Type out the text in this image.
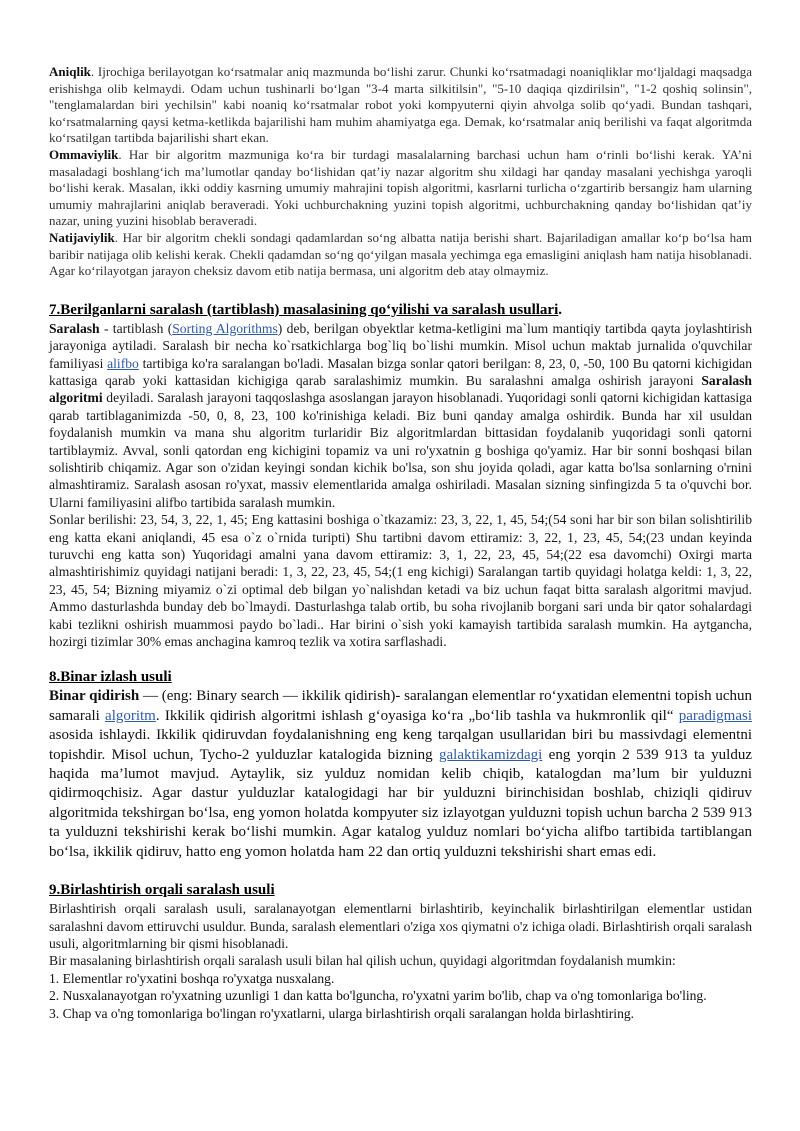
Aniqlik. Ijrochiga berilayotgan ko‘rsatmalar aniq mazmunda bo‘lishi zarur. Chunki ko‘rsatmadagi noaniqliklar mo‘ljaldagi maqsadga erishishga olib kelmaydi. Odam uchun tushinarli bo‘lgan "3-4 marta silkitilsin", "5-10 daqiqa qizdirilsin", "1-2 qoshiq solinsin", "tenglamalardan biri yechilsin" kabi noaniq ko‘rsatmalar robot yoki kompyuterni qiyin ahvolga solib qo‘yadi. Bundan tashqari, ko‘rsatmalarning qaysi ketma-ketlikda bajarilishi ham muhim ahamiyatga ega. Demak, ko‘rsatmalar aniq berilishi va faqat algoritmda ko‘rsatilgan tartibda bajarilishi shart ekan.

Ommaviylik. Har bir algoritm mazmuniga ko‘ra bir turdagi masalalarning barchasi uchun ham o‘rinli bo‘lishi kerak. YA’ni masaladagi boshlang‘ich ma’lumotlar qanday bo‘lishidan qat’iy nazar algoritm shu xildagi har qanday masalani yechishga yaroqli bo‘lishi kerak. Masalan, ikki oddiy kasrning umumiy mahrajini topish algoritmi, kasrlarni turlicha o‘zgartirib bersangiz ham ularning umumiy mahrajlarini aniqlab beraveradi. Yoki uchburchakning yuzini topish algoritmi, uchburchakning qanday bo‘lishidan qat’iy nazar, uning yuzini hisoblab beraveradi.

Natijaviylik. Har bir algoritm chekli sondagi qadamlardan so‘ng albatta natija berishi shart. Bajariladigan amallar ko‘p bo‘lsa ham baribir natijaga olib kelishi kerak. Chekli qadamdan so‘ng qo‘yilgan masala yechimga ega emasligini aniqlash ham natija hisoblanadi. Agar ko‘rilayotgan jarayon cheksiz davom etib natija bermasa, uni algoritm deb atay olmaymiz.

7.Berilganlarni saralash (tartiblash) masalasining qo‘yilishi va saralash usullari.

Saralash - tartiblash (Sorting Algorithms) deb, berilgan obyektlar ketma-ketligini ma`lum mantiqiy tartibda qayta joylashtirish jarayoniga aytiladi. Saralash bir necha ko`rsatkichlarga bog`liq bo`lishi mumkin. Misol uchun maktab jurnalida o'quvchilar familiyasi alifbo tartibiga ko'ra saralangan bo'ladi. Masalan bizga sonlar qatori berilgan: 8, 23, 0, -50, 100 Bu qatorni kichigidan kattasiga qarab yoki kattasidan kichigiga qarab saralashimiz mumkin. Bu saralashni amalga oshirish jarayoni Saralash algoritmi deyiladi. Saralash jarayoni taqqoslashga asoslangan jarayon hisoblanadi. Yuqoridagi sonli qatorni kichigidan kattasiga qarab tartiblaganimizda -50, 0, 8, 23, 100 ko'rinishiga keladi. Biz buni qanday amalga oshirdik. Bunda har xil usuldan foydalanish mumkin va mana shu algoritm turlaridir Biz algoritmlardan bittasidan foydalanib yuqoridagi sonli qatorni tartiblaymiz. Avval, sonli qatordan eng kichigini topamiz va uni ro'yxatnin g boshiga qo'yamiz. Har bir sonni boshqasi bilan solishtirib chiqamiz. Agar son o'zidan keyingi sondan kichik bo'lsa, son shu joyida qoladi, agar katta bo'lsa sonlarning o'rnini almashtiramiz. Saralash asosan ro'yxat, massiv elementlarida amalga oshiriladi. Masalan sizning sinfingizda 5 ta o'quvchi bor. Ularni familiyasini alifbo tartibida saralash mumkin.

Sonlar berilishi: 23, 54, 3, 22, 1, 45; Eng kattasini boshiga o`tkazamiz: 23, 3, 22, 1, 45, 54;(54 soni har bir son bilan solishtirilib eng katta ekani aniqlandi, 45 esa o`z o`rnida turipti) Shu tartibni davom ettiramiz: 3, 22, 1, 23, 45, 54;(23 undan keyinda turuvchi eng katta son) Yuqoridagi amalni yana davom ettiramiz: 3, 1, 22, 23, 45, 54;(22 esa davomchi) Oxirgi marta almashtirishimiz quyidagi natijani beradi: 1, 3, 22, 23, 45, 54;(1 eng kichigi) Saralangan tartib quyidagi holatga keldi: 1, 3, 22, 23, 45, 54; Bizning miyamiz o`zi optimal deb bilgan yo`nalishdan ketadi va biz uchun faqat bitta saralash algoritmi mavjud. Ammo dasturlashda bunday deb bo`lmaydi. Dasturlashga talab ortib, bu soha rivojlanib borgani sari unda bir qator sohalardagi kabi tezlikni oshirish muammosi paydo bo`ladi.. Har birini o`sish yoki kamayish tartibida saralash mumkin. Ha aytgancha, hozirgi tizimlar 30% emas anchagina kamroq tezlik va xotira sarflashadi.

8.Binar izlash usuli

Binar qidirish — (eng: Binary search — ikkilik qidirish)- saralangan elementlar ro‘yxatidan elementni topish uchun samarali algoritm. Ikkilik qidirish algoritmi ishlash g‘oyasiga ko‘ra „bo‘lib tashla va hukmronlik qil“ paradigmasi asosida ishlaydi. Ikkilik qidiruvdan foydalanishning eng keng tarqalgan usullaridan biri bu massivdagi elementni topishdir. Misol uchun, Tycho-2 yulduzlar katalogida bizning galaktikamizdagi eng yorqin 2 539 913 ta yulduz haqida ma’lumot mavjud. Aytaylik, siz yulduz nomidan kelib chiqib, katalogdan ma’lum bir yulduzni qidirmoqchisiz. Agar dastur yulduzlar katalogidagi har bir yulduzni birinchisidan boshlab, chiziqli qidiruv algoritmida tekshirgan bo‘lsa, eng yomon holatda kompyuter siz izlayotgan yulduzni topish uchun barcha 2 539 913 ta yulduzni tekshirishi kerak bo‘lishi mumkin. Agar katalog yulduz nomlari bo‘yicha alifbo tartibida tartiblangan bo‘lsa, ikkilik qidiruv, hatto eng yomon holatda ham 22 dan ortiq yulduzni tekshirishi shart emas edi.

9.Birlashtirish orqali saralash usuli

Birlashtirish orqali saralash usuli, saralanayotgan elementlarni birlashtirib, keyinchalik birlashtirilgan elementlar ustidan saralashni davom ettiruvchi usuldur. Bunda, saralash elementlari o'ziga xos qiymatni o'z ichiga oladi. Birlashtirish orqali saralash usuli, algoritmlarning bir qismi hisoblanadi.

Bir masalaning birlashtirish orqali saralash usuli bilan hal qilish uchun, quyidagi algoritmdan foydalanish mumkin:

1. Elementlar ro'yxatini boshqa ro'yxatga nusxalang.
2. Nusxalanayotgan ro'yxatning uzunligi 1 dan katta bo'lguncha, ro'yxatni yarim bo'lib, chap va o'ng tomonlariga bo'ling.
3. Chap va o'ng tomonlariga bo'lingan ro'yxatlarni, ularga birlashtirish orqali saralangan holda birlashtiring.
